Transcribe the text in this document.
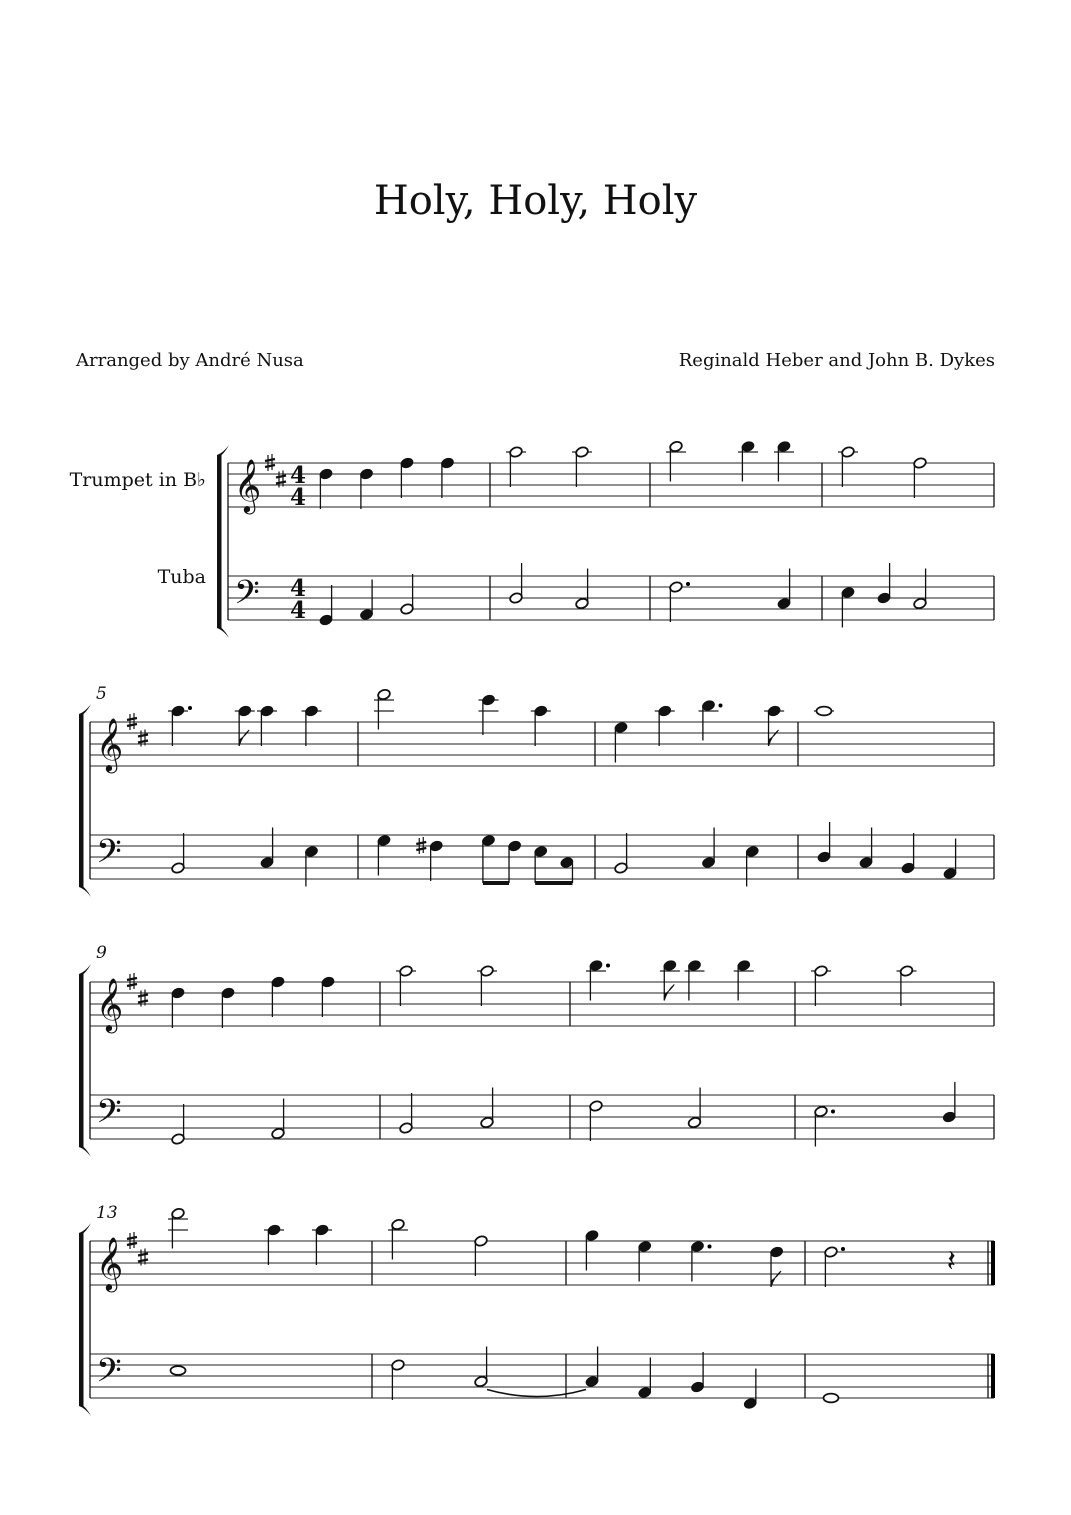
Holy, Holy, Holy
Arranged by André Nusa	Reginald Heber and John B. Dykes
Trumpet in B♭
Tuba
5
9
13
𝄞
𝄢
4
4
4
4
𝄞
𝄢
𝄞
𝄢
𝄞
𝄢
𝄽
